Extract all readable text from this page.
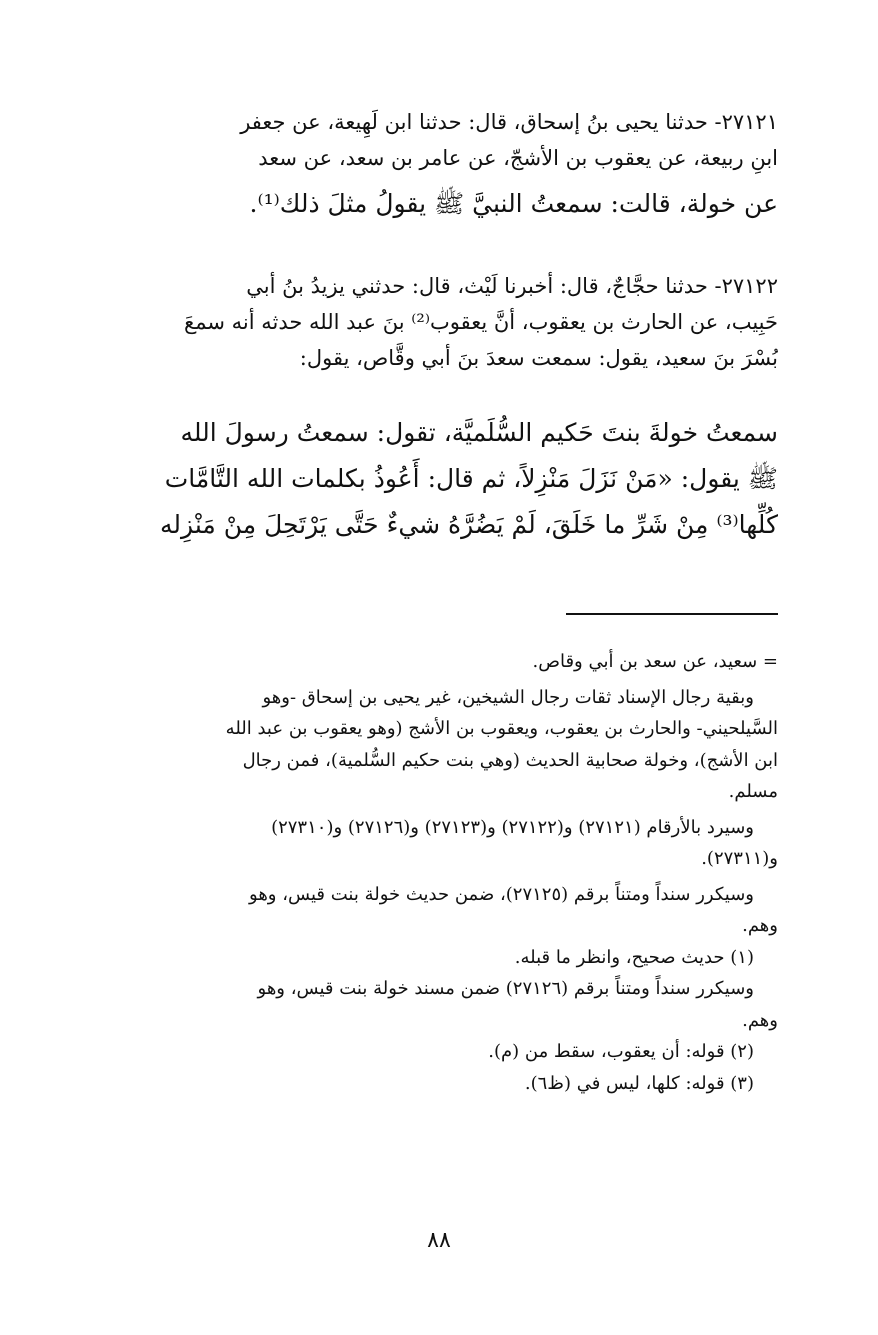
٢٧١٢١- حدثنا يحيى بنُ إسحاق، قال: حدثنا ابن لَهِيعة، عن جعفر
ابنِ ربيعة، عن يعقوب بن الأشجّ، عن عامر بن سعد، عن سعد
عن خولة، قالت: سمعتُ النبيَّ ﷺ يقولُ مثلَ ذلك⁽¹⁾.
٢٧١٢٢- حدثنا حجَّاجٌ، قال: أخبرنا لَيْث، قال: حدثني يزيدُ بنُ أبي
حَبِيب، عن الحارث بن يعقوب، أنَّ يعقوب⁽²⁾ بنَ عبد الله حدثه أنه سمعَ
بُسْرَ بنَ سعيد، يقول: سمعت سعدَ بنَ أبي وقَّاص، يقول:
سمعتُ خولةَ بنتَ حَكيم السُّلَميَّة، تقول: سمعتُ رسولَ الله
ﷺ يقول: «مَنْ نَزَلَ مَنْزِلاً، ثم قال: أَعُوذُ بكلمات الله التَّامَّات
كُلِّها⁽³⁾ مِنْ شَرِّ ما خَلَقَ، لَمْ يَضُرَّهُ شيءٌ حَتَّى يَرْتَحِلَ مِنْ مَنْزِله
= سعيد، عن سعد بن أبي وقاص.
وبقية رجال الإسناد ثقات رجال الشيخين، غير يحيى بن إسحاق -وهو
السَّيلحيني- والحارث بن يعقوب، ويعقوب بن الأشج (وهو يعقوب بن عبد الله
ابن الأشج)، وخولة صحابية الحديث (وهي بنت حكيم السُّلمية)، فمن رجال
مسلم.
وسيرد بالأرقام (٢٧١٢١) و(٢٧١٢٢) و(٢٧١٢٣) و(٢٧١٢٦) و(٢٧٣١٠)
و(٢٧٣١١).
وسيكرر سنداً ومتناً برقم (٢٧١٢٥)، ضمن حديث خولة بنت قيس، وهو
وهم.
(١) حديث صحيح، وانظر ما قبله.
وسيكرر سنداً ومتناً برقم (٢٧١٢٦) ضمن مسند خولة بنت قيس، وهو
وهم.
(٢) قوله: أن يعقوب، سقط من (م).
(٣) قوله: كلها، ليس في (ظ٦).
٨٨
